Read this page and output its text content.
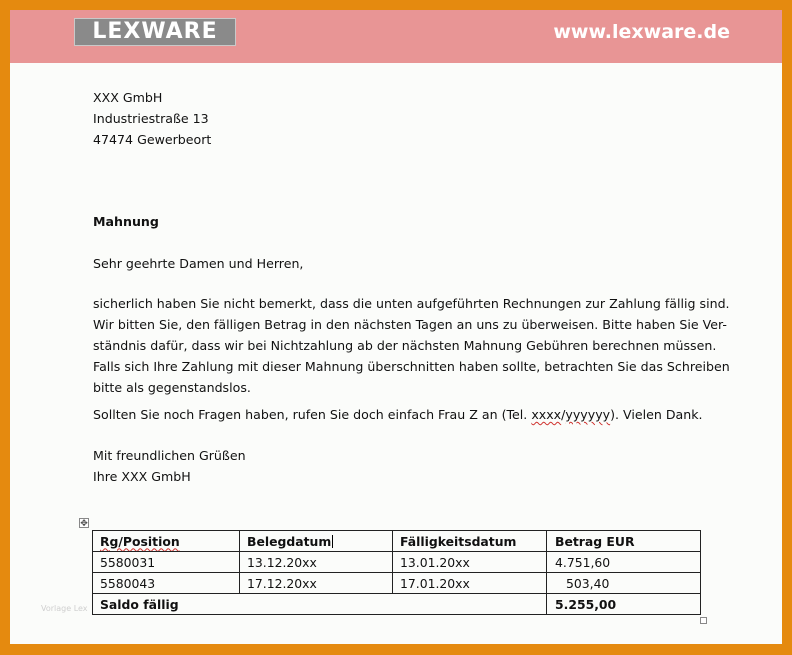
LEXWARE	www.lexware.de
XXX GmbH
Industriestraße 13
47474 Gewerbeort
Mahnung
Sehr geehrte Damen und Herren,
sicherlich haben Sie nicht bemerkt, dass die unten aufgeführten Rechnungen zur Zahlung fällig sind.
Wir bitten Sie, den fälligen Betrag in den nächsten Tagen an uns zu überweisen. Bitte haben Sie Ver-
ständnis dafür, dass wir bei Nichtzahlung ab der nächsten Mahnung Gebühren berechnen müssen.
Falls sich Ihre Zahlung mit dieser Mahnung überschnitten haben sollte, betrachten Sie das Schreiben
bitte als gegenstandslos.
Sollten Sie noch Fragen haben, rufen Sie doch einfach Frau Z an (Tel. xxxx/yyyyyy). Vielen Dank.
Mit freundlichen Grüßen
Ihre XXX GmbH
✥
Rg/Position	Belegdatum	Fälligkeitsdatum	Betrag EUR
5580031	13.12.20xx	13.01.20xx	4.751,60
5580043	17.12.20xx	17.01.20xx	503,40
Saldo fällig			5.255,00
Vorlage Lex
